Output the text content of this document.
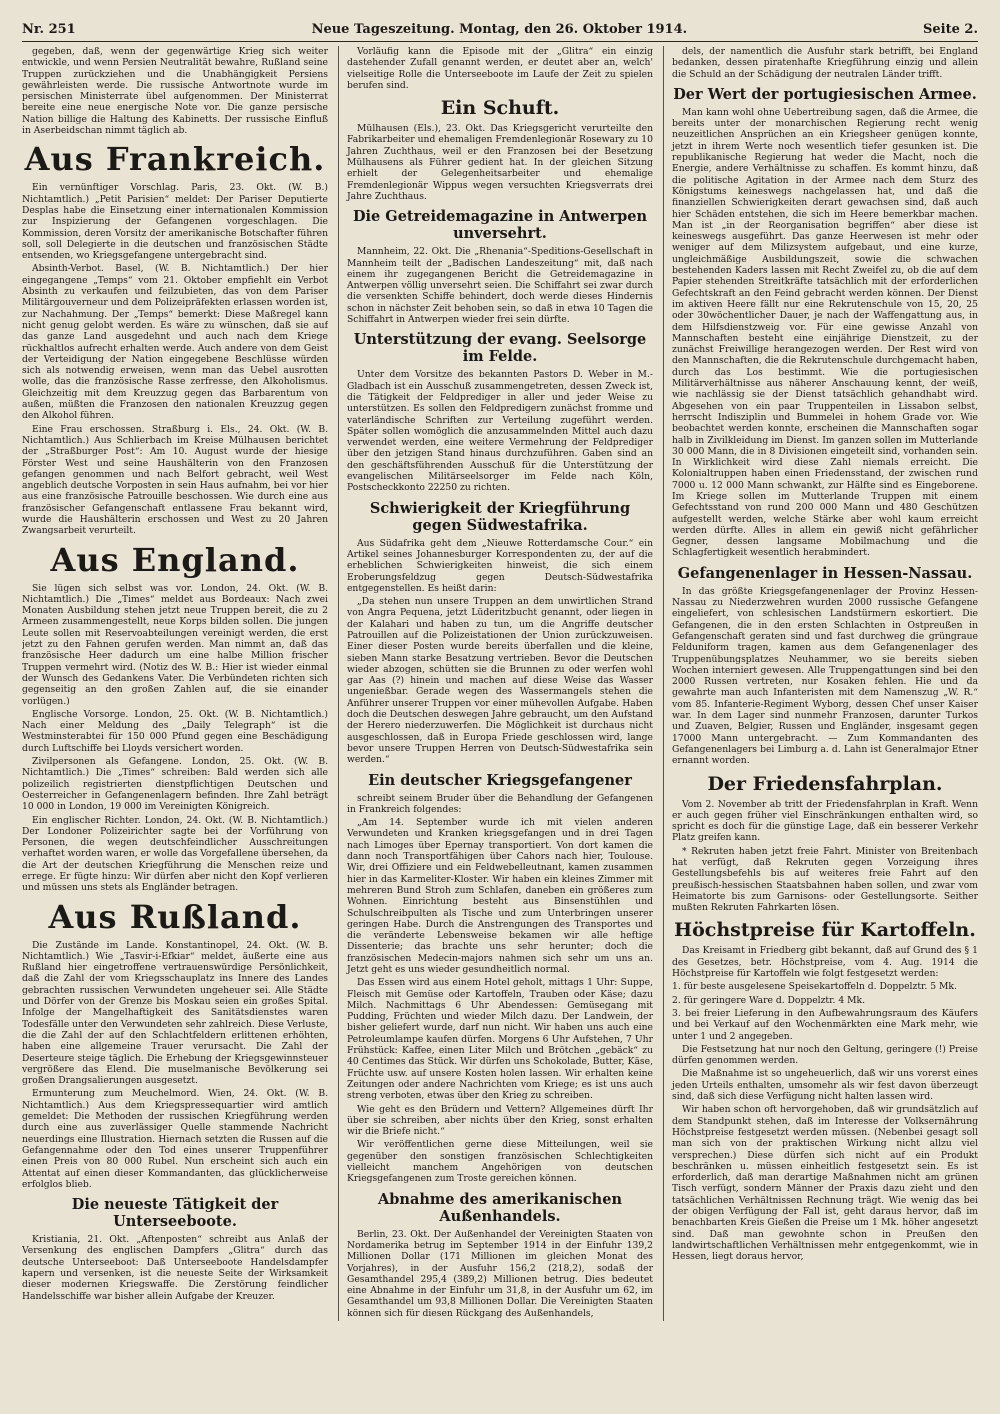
Nr. 251	Neue Tageszeitung. Montag, den 26. Oktober 1914.	Seite 2.

gegeben, daß, wenn der gegenwärtige Krieg sich weiter entwickle, und wenn Persien Neutralität bewahre, Rußland seine Truppen zurückziehen und die Unabhängigkeit Persiens gewährleisten werde. Die russische Antwortnote wurde im persischen Ministerrate übel aufgenommen. Der Ministerrat bereite eine neue energische Note vor. Die ganze persische Nation billige die Haltung des Kabinetts. Der russische Einfluß in Aserbeidschan nimmt täglich ab.

Aus Frankreich.

Ein vernünftiger Vorschlag. Paris, 23. Okt. (W. B.) Nichtamtlich.) „Petit Parisien“ meldet: Der Pariser Deputierte Desplas habe die Einsetzung einer internationalen Kommission zur Inspizierung der Gefangenen vorgeschlagen. Die Kommission, deren Vorsitz der amerikanische Botschafter führen soll, soll Delegierte in die deutschen und französischen Städte entsenden, wo Kriegsgefangene untergebracht sind.

Absinth-Verbot. Basel, (W. B. Nichtamtlich.) Der hier eingegangene „Temps“ vom 21. Oktober empfiehlt ein Verbot Absinth zu verkaufen und feilzubieten, das von dem Pariser Militärgouverneur und dem Polizeipräfekten erlassen worden ist, zur Nachahmung. Der „Temps“ bemerkt: Diese Maßregel kann nicht genug gelobt werden. Es wäre zu wünschen, daß sie auf das ganze Land ausgedehnt und auch nach dem Kriege rückhaltlos aufrecht erhalten werde. Auch andere von dem Geist der Verteidigung der Nation eingegebene Beschlüsse würden sich als notwendig erweisen, wenn man das Uebel ausrotten wolle, das die französische Rasse zerfresse, den Alkoholismus. Gleichzeitig mit dem Kreuzzug gegen das Barbarentum von außen, müßten die Franzosen den nationalen Kreuzzug gegen den Alkohol führen.

Eine Frau erschossen. Straßburg i. Els., 24. Okt. (W. B. Nichtamtlich.) Aus Schlierbach im Kreise Mülhausen berichtet der „Straßburger Post“: Am 10. August wurde der hiesige Förster West und seine Haushälterin von den Franzosen gefangen genommen und nach Belfort gebracht, weil West angeblich deutsche Vorposten in sein Haus aufnahm, bei vor hier aus eine französische Patrouille beschossen. Wie durch eine aus französischer Gefangenschaft entlassene Frau bekannt wird, wurde die Haushälterin erschossen und West zu 20 Jahren Zwangsarbeit verurteilt.

Aus England.

Sie lügen sich selbst was vor. London, 24. Okt. (W. B. Nichtamtlich.) Die „Times“ meldet aus Bordeaux: Nach zwei Monaten Ausbildung stehen jetzt neue Truppen bereit, die zu 2 Armeen zusammengestellt, neue Korps bilden sollen. Die jungen Leute sollen mit Reservoabteilungen vereinigt werden, die erst jetzt zu den Fahnen gerufen werden. Man nimmt an, daß das französische Heer dadurch um eine halbe Million frischer Truppen vermehrt wird. (Notiz des W. B.: Hier ist wieder einmal der Wunsch des Gedankens Vater. Die Verbündeten richten sich gegenseitig an den großen Zahlen auf, die sie einander vorlügen.)

Englische Vorsorge. London, 25. Okt. (W. B. Nichtamtlich.) Nach einer Meldung des „Daily Telegraph“ ist die Westminsterabtei für 150 000 Pfund gegen eine Beschädigung durch Luftschiffe bei Lloyds versichert worden.

Zivilpersonen als Gefangene. London, 25. Okt. (W. B. Nichtamtlich.) Die „Times“ schreiben: Bald werden sich alle polizeilich registrierten dienstpflichtigen Deutschen und Oesterreicher in Gefangenenlagern befinden. Ihre Zahl beträgt 10 000 in London, 19 000 im Vereinigten Königreich.

Ein englischer Richter. London, 24. Okt. (W. B. Nichtamtlich.) Der Londoner Polizeirichter sagte bei der Vorführung von Personen, die wegen deutschfeindlicher Ausschreitungen verhaftet worden waren, er wolle das Vorgefallene übersehen, da die Art der deutschen Kriegführung die Menschen reize und errege. Er fügte hinzu: Wir dürfen aber nicht den Kopf verlieren und müssen uns stets als Engländer betragen.

Aus Rußland.

Die Zustände im Lande. Konstantinopel, 24. Okt. (W. B. Nichtamtlich.) Wie „Tasvir-i-Efkiar“ meldet, äußerte eine aus Rußland hier eingetroffene vertrauenswürdige Persönlichkeit, daß die Zahl der vom Kriegsschauplatz ins Innere des Landes gebrachten russischen Verwundeten ungeheuer sei. Alle Städte und Dörfer von der Grenze bis Moskau seien ein großes Spital. Infolge der Mangelhaftigkeit des Sanitätsdienstes waren Todesfälle unter den Verwundeten sehr zahlreich. Diese Verluste, die die Zahl der auf den Schlachtfeldern erlittenen erhöhten, haben eine allgemeine Trauer verursacht. Die Zahl der Deserteure steige täglich. Die Erhebung der Kriegsgewinnsteuer vergrößere das Elend. Die muselmanische Bevölkerung sei großen Drangsalierungen ausgesetzt.

Ermunterung zum Meuchelmord. Wien, 24. Okt. (W. B. Nichtamtlich.) Aus dem Kriegspressequartier wird amtlich gemeldet: Die Methoden der russischen Kriegführung werden durch eine aus zuverlässiger Quelle stammende Nachricht neuerdings eine Illustration. Hiernach setzten die Russen auf die Gefangennahme oder den Tod eines unserer Truppenführer einen Preis von 80 000 Rubel. Nun erscheint sich auch ein Attentat auf einen dieser Kommandanten, das glücklicherweise erfolglos blieb.

Die neueste Tätigkeit der Unterseeboote.

Kristiania, 21. Okt. „Aftenposten“ schreibt aus Anlaß der Versenkung des englischen Dampfers „Glitra“ durch das deutsche Unterseeboot: Daß Unterseeboote Handelsdampfer kapern und versenken, ist die neueste Seite der Wirksamkeit dieser modernen Kriegswaffe. Die Zerstörung feindlicher Handelsschiffe war bisher allein Aufgabe der Kreuzer.

Vorläufig kann die Episode mit der „Glitra“ ein einzig dastehender Zufall genannt werden, er deutet aber an, welch' vielseitige Rolle die Unterseeboote im Laufe der Zeit zu spielen berufen sind.

Ein Schuft.

Mülhausen (Els.), 23. Okt. Das Kriegsgericht verurteilte den Fabrikarbeiter und ehemaligen Fremdenlegionär Rosewary zu 10 Jahren Zuchthaus, weil er den Franzosen bei der Besetzung Mülhausens als Führer gedient hat. In der gleichen Sitzung erhielt der Gelegenheitsarbeiter und ehemalige Fremdenlegionär Wippus wegen versuchten Kriegsverrats drei Jahre Zuchthaus.

Die Getreidemagazine in Antwerpen unversehrt.

Mannheim, 22. Okt. Die „Rhenania“-Speditions-Gesellschaft in Mannheim teilt der „Badischen Landeszeitung“ mit, daß nach einem ihr zugegangenen Bericht die Getreidemagazine in Antwerpen völlig unversehrt seien. Die Schiffahrt sei zwar durch die versenkten Schiffe behindert, doch werde dieses Hindernis schon in nächster Zeit behoben sein, so daß in etwa 10 Tagen die Schiffahrt in Antwerpen wieder frei sein dürfte.

Unterstützung der evang. Seelsorge im Felde.

Unter dem Vorsitze des bekannten Pastors D. Weber in M.-Gladbach ist ein Ausschuß zusammengetreten, dessen Zweck ist, die Tätigkeit der Feldprediger in aller und jeder Weise zu unterstützen. Es sollen den Feldpredigern zunächst fromme und vaterländische Schriften zur Verteilung zugeführt werden. Später sollen womöglich die anzusammelnden Mittel auch dazu verwendet werden, eine weitere Vermehrung der Feldprediger über den jetzigen Stand hinaus durchzuführen. Gaben sind an den geschäftsführenden Ausschuß für die Unterstützung der evangelischen Militärseelsorger im Felde nach Köln, Postscheckkonto 22250 zu richten.

Schwierigkeit der Kriegführung gegen Südwestafrika.

Aus Südafrika geht dem „Nieuwe Rotterdamsche Cour.“ ein Artikel seines Johannesburger Korrespondenten zu, der auf die erheblichen Schwierigkeiten hinweist, die sich einem Eroberungsfeldzug gegen Deutsch-Südwestafrika entgegenstellen. Es heißt darin:

„Da stehen nun unsere Truppen an dem unwirtlichen Strand von Angra Pequena, jetzt Lüderitzbucht genannt, oder liegen in der Kalahari und haben zu tun, um die Angriffe deutscher Patrouillen auf die Polizeistationen der Union zurückzuweisen. Einer dieser Posten wurde bereits überfallen und die kleine, sieben Mann starke Besatzung vertrieben. Bevor die Deutschen wieder abzogen, schütten sie die Brunnen zu oder werfen wohl gar Aas (?) hinein und machen auf diese Weise das Wasser ungenießbar. Gerade wegen des Wassermangels stehen die Anführer unserer Truppen vor einer mühevollen Aufgabe. Haben doch die Deutschen deswegen Jahre gebraucht, um den Aufstand der Herero niederzuwerfen. Die Möglichkeit ist durchaus nicht ausgeschlossen, daß in Europa Friede geschlossen wird, lange bevor unsere Truppen Herren von Deutsch-Südwestafrika sein werden.“

Ein deutscher Kriegsgefangener

schreibt seinem Bruder über die Behandlung der Gefangenen in Frankreich folgendes:

„Am 14. September wurde ich mit vielen anderen Verwundeten und Kranken kriegsgefangen und in drei Tagen nach Limoges über Epernay transportiert. Von dort kamen die dann noch Transportfähigen über Cahors nach hier, Toulouse. Wir, drei Offiziere und ein Feldwebelleutnant, kamen zusammen hier in das Karmeliter-Kloster. Wir haben ein kleines Zimmer mit mehreren Bund Stroh zum Schlafen, daneben ein größeres zum Wohnen. Einrichtung besteht aus Binsenstühlen und Schulschreibpulten als Tische und zum Unterbringen unserer geringen Habe. Durch die Anstrengungen des Transportes und die veränderte Lebensweise bekamen wir alle heftige Dissenterie; das brachte uns sehr herunter; doch die französischen Medecin-majors nahmen sich sehr um uns an. Jetzt geht es uns wieder gesundheitlich normal.

Das Essen wird aus einem Hotel geholt, mittags 1 Uhr: Suppe, Fleisch mit Gemüse oder Kartoffeln, Trauben oder Käse; dazu Milch. Nachmittags 6 Uhr Abendessen: Gemüsegang mit Pudding, Früchten und wieder Milch dazu. Der Landwein, der bisher geliefert wurde, darf nun nicht. Wir haben uns auch eine Petroleumlampe kaufen dürfen. Morgens 6 Uhr Aufstehen, 7 Uhr Frühstück: Kaffee, einen Liter Milch und Brötchen „gebäck“ zu 40 Centimes das Stück. Wir dürfen uns Schokolade, Butter, Käse, Früchte usw. auf unsere Kosten holen lassen. Wir erhalten keine Zeitungen oder andere Nachrichten vom Kriege; es ist uns auch streng verboten, etwas über den Krieg zu schreiben.

Wie geht es den Brüdern und Vettern? Allgemeines dürft Ihr über sie schreiben, aber nichts über den Krieg, sonst erhalten wir die Briefe nicht.“

Wir veröffentlichen gerne diese Mitteilungen, weil sie gegenüber den sonstigen französischen Schlechtigkeiten vielleicht manchem Angehörigen von deutschen Kriegsgefangenen zum Troste gereichen können.

Abnahme des amerikanischen Außenhandels.

Berlin, 23. Okt. Der Außenhandel der Vereinigten Staaten von Nordamerika betrug im September 1914 in der Einfuhr 139,2 Millionen Dollar (171 Millionen im gleichen Monat des Vorjahres), in der Ausfuhr 156,2 (218,2), sodaß der Gesamthandel 295,4 (389,2) Millionen betrug. Dies bedeutet eine Abnahme in der Einfuhr um 31,8, in der Ausfuhr um 62, im Gesamthandel um 93,8 Millionen Dollar. Die Vereinigten Staaten können sich für diesen Rückgang des Außenhandels,

dels, der namentlich die Ausfuhr stark betrifft, bei England bedanken, dessen piratenhafte Kriegführung einzig und allein die Schuld an der Schädigung der neutralen Länder trifft.

Der Wert der portugiesischen Armee.

Man kann wohl ohne Uebertreibung sagen, daß die Armee, die bereits unter der monarchischen Regierung recht wenig neuzeitlichen Ansprüchen an ein Kriegsheer genügen konnte, jetzt in ihrem Werte noch wesentlich tiefer gesunken ist. Die republikanische Regierung hat weder die Macht, noch die Energie, andere Verhältnisse zu schaffen. Es kommt hinzu, daß die politische Agitation in der Armee nach dem Sturz des Königstums keineswegs nachgelassen hat, und daß die finanziellen Schwierigkeiten derart gewachsen sind, daß auch hier Schäden entstehen, die sich im Heere bemerkbar machen. Man ist „in der Reorganisation begriffen“ aber diese ist keineswegs ausgeführt. Das ganze Heerwesen ist mehr oder weniger auf dem Milizsystem aufgebaut, und eine kurze, ungleichmäßige Ausbildungszeit, sowie die schwachen bestehenden Kaders lassen mit Recht Zweifel zu, ob die auf dem Papier stehenden Streitkräfte tatsächlich mit der erforderlichen Gefechtskraft an den Feind gebracht werden können. Der Dienst im aktiven Heere fällt nur eine Rekrutenschule von 15, 20, 25 oder 30wöchentlicher Dauer, je nach der Waffengattung aus, in dem Hilfsdienstzweig vor. Für eine gewisse Anzahl von Mannschaften besteht eine einjährige Dienstzeit, zu der zunächst Freiwillige herangezogen werden. Der Rest wird von den Mannschaften, die die Rekrutenschule durchgemacht haben, durch das Los bestimmt. Wie die portugiesischen Militärverhältnisse aus näherer Anschauung kennt, der weiß, wie nachlässig sie der Dienst tatsächlich gehandhabt wird. Abgesehen von ein paar Truppenteilen in Lissabon selbst, herrscht Indisziplin und Bummelei in hohem Grade vor. Wie beobachtet werden konnte, erscheinen die Mannschaften sogar halb in Zivilkleidung im Dienst. Im ganzen sollen im Mutterlande 30 000 Mann, die in 8 Divisionen eingeteilt sind, vorhanden sein. In Wirklichkeit wird diese Zahl niemals erreicht. Die Kolonialtruppen haben einen Friedensstand, der zwischen rund 7000 u. 12 000 Mann schwankt, zur Hälfte sind es Eingeborene. Im Kriege sollen im Mutterlande Truppen mit einem Gefechtsstand von rund 200 000 Mann und 480 Geschützen aufgestellt werden, welche Stärke aber wohl kaum erreicht werden dürfte. Alles in allem ein gewiß nicht gefährlicher Gegner, dessen langsame Mobilmachung und die Schlagfertigkeit wesentlich herabmindert.

Gefangenenlager in Hessen-Nassau.

In das größte Kriegsgefangenenlager der Provinz Hessen-Nassau zu Niederzwehren wurden 2000 russische Gefangene eingeliefert, von schlesischen Landstürmern eskortiert. Die Gefangenen, die in den ersten Schlachten in Ostpreußen in Gefangenschaft geraten sind und fast durchweg die grüngraue Felduniform tragen, kamen aus dem Gefangenenlager des Truppenübungsplatzes Neuhammer, wo sie bereits sieben Wochen interniert gewesen. Alle Truppengattungen sind bei den 2000 Russen vertreten, nur Kosaken fehlen. Hie und da gewahrte man auch Infanteristen mit dem Namenszug „W. R.“ vom 85. Infanterie-Regiment Wyborg, dessen Chef unser Kaiser war. In dem Lager sind nunmehr Franzosen, darunter Turkos und Zuaven, Belgier, Russen und Engländer, insgesamt gegen 17000 Mann untergebracht. — Zum Kommandanten des Gefangenenlagers bei Limburg a. d. Lahn ist Generalmajor Etner ernannt worden.

Der Friedensfahrplan.

Vom 2. November ab tritt der Friedensfahrplan in Kraft. Wenn er auch gegen früher viel Einschränkungen enthalten wird, so spricht es doch für die günstige Lage, daß ein besserer Verkehr Platz greifen kann.

* Rekruten haben jetzt freie Fahrt. Minister von Breitenbach hat verfügt, daß Rekruten gegen Vorzeigung ihres Gestellungsbefehls bis auf weiteres freie Fahrt auf den preußisch-hessischen Staatsbahnen haben sollen, und zwar vom Heimatorte bis zum Garnisons- oder Gestellungsorte. Seither mußten Rekruten Fahrkarten lösen.

Höchstpreise für Kartoffeln.

Das Kreisamt in Friedberg gibt bekannt, daß auf Grund des § 1 des Gesetzes, betr. Höchstpreise, vom 4. Aug. 1914 die Höchstpreise für Kartoffeln wie folgt festgesetzt werden:

1. für beste ausgelesene Speisekartoffeln d. Doppelztr. 5 Mk.

2. für geringere Ware d. Doppelztr. 4 Mk.

3. bei freier Lieferung in den Aufbewahrungsraum des Käufers und bei Verkauf auf den Wochenmärkten eine Mark mehr, wie unter 1 und 2 angegeben.

Die Festsetzung hat nur noch den Geltung, geringere (!) Preise dürfen genommen werden.

Die Maßnahme ist so ungeheuerlich, daß wir uns vorerst eines jeden Urteils enthalten, umsomehr als wir fest davon überzeugt sind, daß sich diese Verfügung nicht halten lassen wird.

Wir haben schon oft hervorgehoben, daß wir grundsätzlich auf dem Standpunkt stehen, daß im Interesse der Volksernährung Höchstpreise festgesetzt werden müssen. (Nebenbei gesagt soll man sich von der praktischen Wirkung nicht allzu viel versprechen.) Diese dürfen sich nicht auf ein Produkt beschränken u. müssen einheitlich festgesetzt sein. Es ist erforderlich, daß man derartige Maßnahmen nicht am grünen Tisch verfügt, sondern Männer der Praxis dazu zieht und den tatsächlichen Verhältnissen Rechnung trägt. Wie wenig das bei der obigen Verfügung der Fall ist, geht daraus hervor, daß im benachbarten Kreis Gießen die Preise um 1 Mk. höher angesetzt sind. Daß man gewohnte schon in Preußen den landwirtschaftlichen Verhältnissen mehr entgegenkommt, wie in Hessen, liegt doraus hervor,
